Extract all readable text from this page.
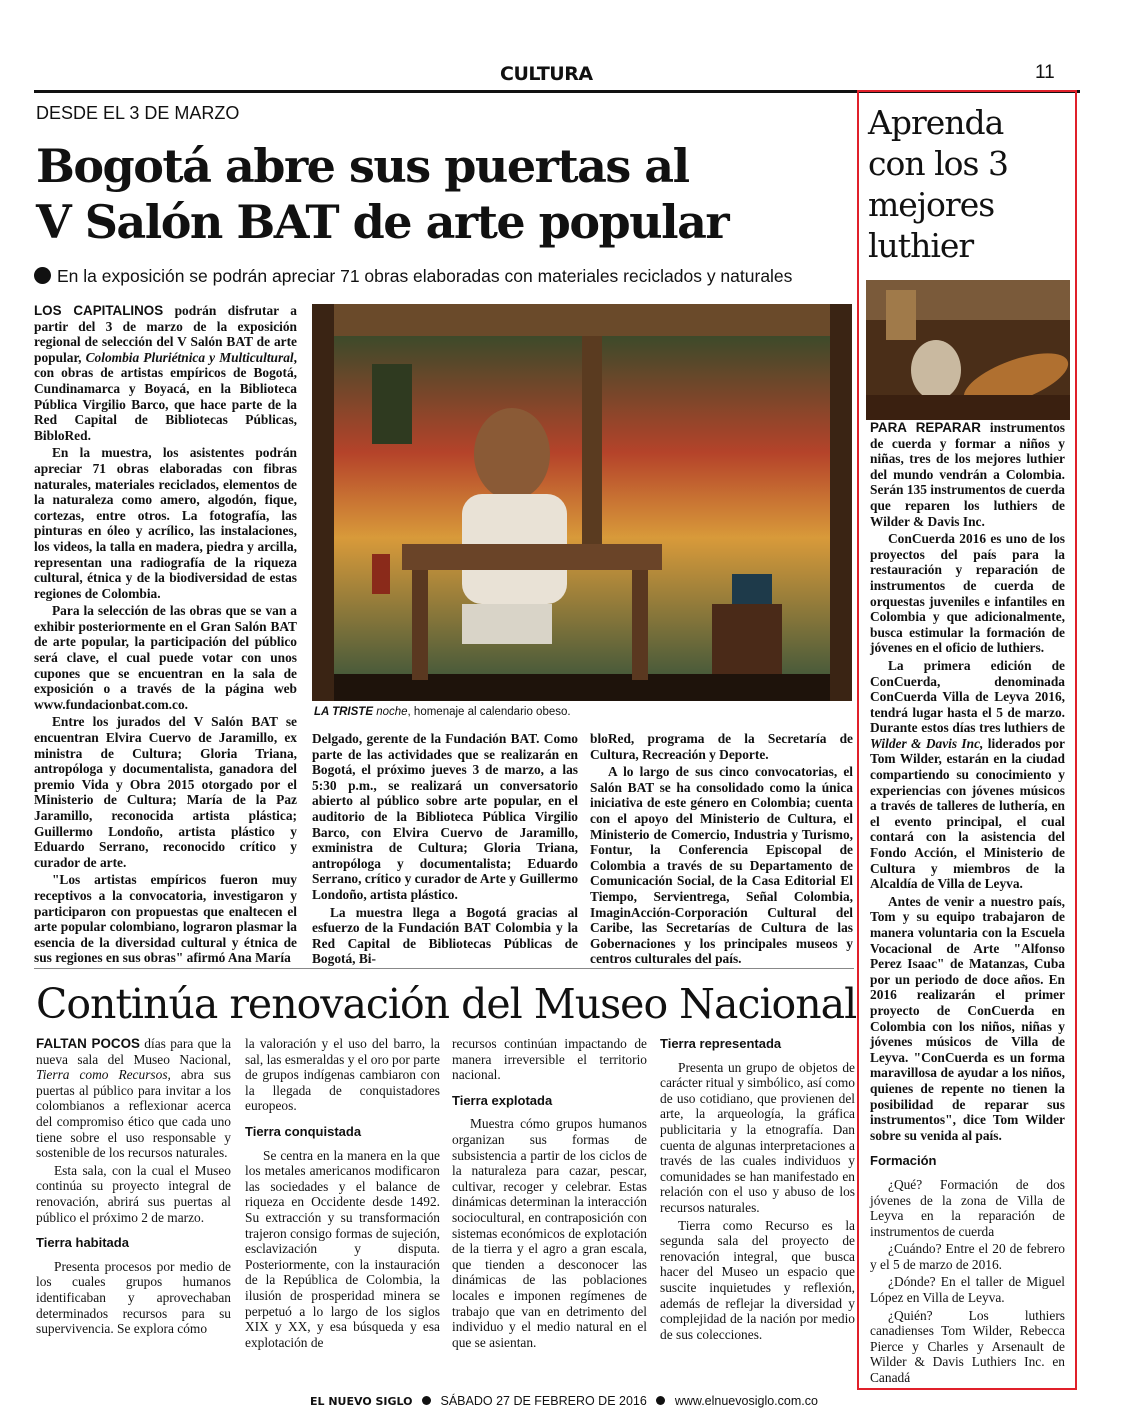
CULTURA	11
DESDE EL 3 DE MARZO
Bogotá abre sus puertas al
V Salón BAT de arte popular
En la exposición se podrán apreciar 71 obras elaboradas con materiales reciclados y naturales

LOS CAPITALINOS podrán disfrutar a partir del 3 de marzo de la exposición regional de selección del V Salón BAT de arte popular, Colombia Pluriétnica y Multicultural, con obras de artistas empíricos de Bogotá, Cundinamarca y Boyacá, en la Biblioteca Pública Virgilio Barco, que hace parte de la Red Capital de Bibliotecas Públicas, BibloRed.

En la muestra, los asistentes podrán apreciar 71 obras elaboradas con fibras naturales, materiales reciclados, elementos de la naturaleza como amero, algodón, fique, cortezas, entre otros. La fotografía, las pinturas en óleo y acrílico, las instalaciones, los videos, la talla en madera, piedra y arcilla, representan una radiografía de la riqueza cultural, étnica y de la biodiversidad de estas regiones de Colombia.

Para la selección de las obras que se van a exhibir posteriormente en el Gran Salón BAT de arte popular, la participación del público será clave, el cual puede votar con unos cupones que se encuentran en la sala de exposición o a través de la página web www.fundacionbat.com.co.

Entre los jurados del V Salón BAT se encuentran Elvira Cuervo de Jaramillo, ex ministra de Cultura; Gloria Triana, antropóloga y documentalista, ganadora del premio Vida y Obra 2015 otorgado por el Ministerio de Cultura; María de la Paz Jaramillo, reconocida artista plástica; Guillermo Londoño, artista plástico y Eduardo Serrano, reconocido crítico y curador de arte.

"Los artistas empíricos fueron muy receptivos a la convocatoria, investigaron y participaron con propuestas que enaltecen el arte popular colombiano, lograron plasmar la esencia de la diversidad cultural y étnica de sus regiones en sus obras" afirmó Ana María

LA TRISTE noche, homenaje al calendario obeso.

Delgado, gerente de la Fundación BAT. Como parte de las actividades que se realizarán en Bogotá, el próximo jueves 3 de marzo, a las 5:30 p.m., se realizará un conversatorio abierto al público sobre arte popular, en el auditorio de la Biblioteca Pública Virgilio Barco, con Elvira Cuervo de Jaramillo, exministra de Cultura; Gloria Triana, antropóloga y documentalista; Eduardo Serrano, crítico y curador de Arte y Guillermo Londoño, artista plástico.

La muestra llega a Bogotá gracias al esfuerzo de la Fundación BAT Colombia y la Red Capital de Bibliotecas Públicas de Bogotá, Bi-

bloRed, programa de la Secretaría de Cultura, Recreación y Deporte.

A lo largo de sus cinco convocatorias, el Salón BAT se ha consolidado como la única iniciativa de este género en Colombia; cuenta con el apoyo del Ministerio de Cultura, el Ministerio de Comercio, Industria y Turismo, Fontur, la Conferencia Episcopal de Colombia a través de su Departamento de Comunicación Social, de la Casa Editorial El Tiempo, Servientrega, Señal Colombia, ImaginAcción-Corporación Cultural del Caribe, las Secretarías de Cultura de las Gobernaciones y los principales museos y centros culturales del país.

Continúa renovación del Museo Nacional

FALTAN POCOS días para que la nueva sala del Museo Nacional, Tierra como Recursos, abra sus puertas al público para invitar a los colombianos a reflexionar acerca del compromiso ético que cada uno tiene sobre el uso responsable y sostenible de los recursos naturales.

Esta sala, con la cual el Museo continúa su proyecto integral de renovación, abrirá sus puertas al público el próximo 2 de marzo.

Tierra habitada

Presenta procesos por medio de los cuales grupos humanos identificaban y aprovechaban determinados recursos para su supervivencia. Se explora cómo

la valoración y el uso del barro, la sal, las esmeraldas y el oro por parte de grupos indígenas cambiaron con la llegada de conquistadores europeos.

Tierra conquistada

Se centra en la manera en la que los metales americanos modificaron las sociedades y el balance de riqueza en Occidente desde 1492. Su extracción y su transformación trajeron consigo formas de sujeción, esclavización y disputa. Posteriormente, con la instauración de la República de Colombia, la ilusión de prosperidad minera se perpetuó a lo largo de los siglos XIX y XX, y esa búsqueda y esa explotación de

recursos continúan impactando de manera irreversible el territorio nacional.

Tierra explotada

Muestra cómo grupos humanos organizan sus formas de subsistencia a partir de los ciclos de la naturaleza para cazar, pescar, cultivar, recoger y celebrar. Estas dinámicas determinan la interacción sociocultural, en contraposición con sistemas económicos de explotación de la tierra y el agro a gran escala, que tienden a desconocer las dinámicas de las poblaciones locales e imponen regímenes de trabajo que van en detrimento del individuo y el medio natural en el que se asientan.

Tierra representada

Presenta un grupo de objetos de carácter ritual y simbólico, así como de uso cotidiano, que provienen del arte, la arqueología, la gráfica publicitaria y la etnografía. Dan cuenta de algunas interpretaciones a través de las cuales individuos y comunidades se han manifestado en relación con el uso y abuso de los recursos naturales.

Tierra como Recurso es la segunda sala del proyecto de renovación integral, que busca hacer del Museo un espacio que suscite inquietudes y reflexión, además de reflejar la diversidad y complejidad de la nación por medio de sus colecciones.

Aprenda
con los 3
mejores
luthier

PARA REPARAR instrumentos de cuerda y formar a niños y niñas, tres de los mejores luthier del mundo vendrán a Colombia. Serán 135 instrumentos de cuerda que reparen los luthiers de Wilder & Davis Inc.

ConCuerda 2016 es uno de los proyectos del país para la restauración y reparación de instrumentos de cuerda de orquestas juveniles e infantiles en Colombia y que adicionalmente, busca estimular la formación de jóvenes en el oficio de luthiers.

La primera edición de ConCuerda, denominada ConCuerda Villa de Leyva 2016, tendrá lugar hasta el 5 de marzo. Durante estos días tres luthiers de Wilder & Davis Inc, liderados por Tom Wilder, estarán en la ciudad compartiendo su conocimiento y experiencias con jóvenes músicos a través de talleres de luthería, en el evento principal, el cual contará con la asistencia del Fondo Acción, el Ministerio de Cultura y miembros de la Alcaldía de Villa de Leyva.

Antes de venir a nuestro país, Tom y su equipo trabajaron de manera voluntaria con la Escuela Vocacional de Arte "Alfonso Perez Isaac" de Matanzas, Cuba por un periodo de doce años. En 2016 realizarán el primer proyecto de ConCuerda en Colombia con los niños, niñas y jóvenes músicos de Villa de Leyva. "ConCuerda es un forma maravillosa de ayudar a los niños, quienes de repente no tienen la posibilidad de reparar sus instrumentos", dice Tom Wilder sobre su venida al país.

Formación

¿Qué? Formación de dos jóvenes de la zona de Villa de Leyva en la reparación de instrumentos de cuerda

¿Cuándo? Entre el 20 de febrero y el 5 de marzo de 2016.

¿Dónde? En el taller de Miguel López en Villa de Leyva.

¿Quién? Los luthiers canadienses Tom Wilder, Rebecca Pierce y Charles y Arsenault de Wilder & Davis Luthiers Inc. en Canadá

EL NUEVO SIGLO SÁBADO 27 DE FEBRERO DE 2016 www.elnuevosiglo.com.co
